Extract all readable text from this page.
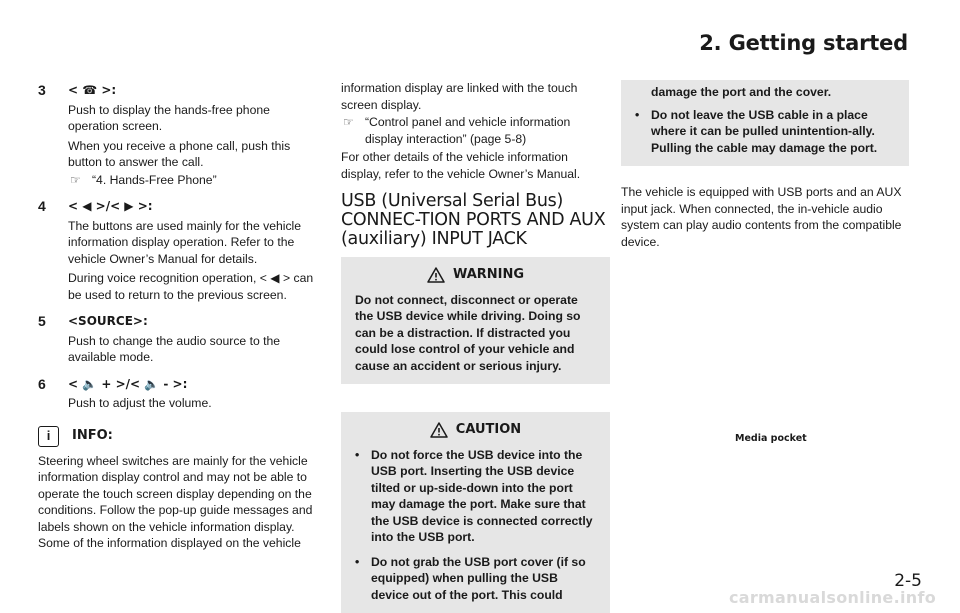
2. Getting started
3	< ☎ >:

Push to display the hands-free phone operation screen.

When you receive a phone call, push this button to answer the call.

☞ “4. Hands-Free Phone”
4	< ◀ >/< ▶ >:

The buttons are used mainly for the vehicle information display operation. Refer to the vehicle Owner’s Manual for details.

During voice recognition operation, < ◀ > can be used to return to the previous screen.

5	<SOURCE>:

Push to change the audio source to the available mode.

6	< 🔈 + >/< 🔈 - >:

Push to adjust the volume.

i	INFO:

Steering wheel switches are mainly for the vehicle information display control and may not be able to operate the touch screen display depending on the conditions. Follow the pop-up guide messages and labels shown on the vehicle information display.

Some of the information displayed on the vehicle

information display are linked with the touch screen display.

☞ “Control panel and vehicle information display interaction” (page 5-8)

For other details of the vehicle information display, refer to the vehicle Owner’s Manual.

USB (Universal Serial Bus) CONNEC-TION PORTS AND AUX (auxiliary) INPUT JACK
WARNING
Do not connect, disconnect or operate the USB device while driving. Doing so can be a distraction. If distracted you could lose control of your vehicle and cause an accident or serious injury.
CAUTION
• Do not force the USB device into the USB port. Inserting the USB device tilted or up-side-down into the port may damage the port. Make sure that the USB device is connected correctly into the USB port.
• Do not grab the USB port cover (if so equipped) when pulling the USB device out of the port. This could
damage the port and the cover.
• Do not leave the USB cable in a place where it can be pulled unintention-ally. Pulling the cable may damage the port.

The vehicle is equipped with USB ports and an AUX input jack. When connected, the in-vehicle audio system can play audio contents from the compatible device.

Media pocket
2-5
carmanualsonline.info
